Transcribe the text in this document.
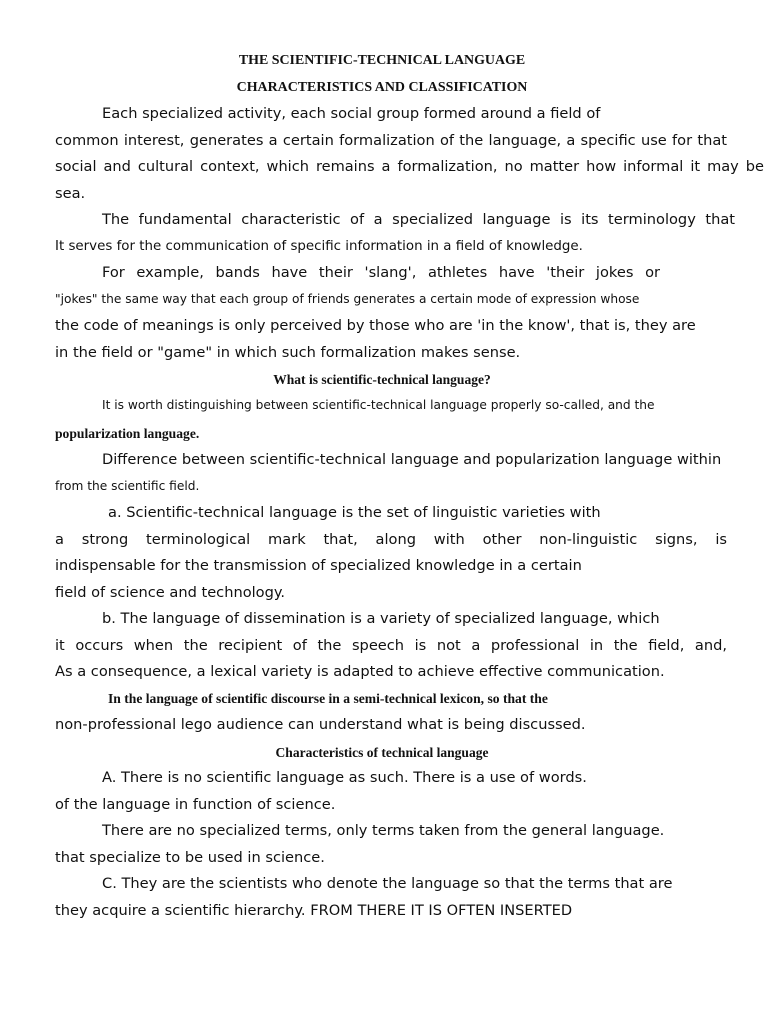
THE SCIENTIFIC-TECHNICAL LANGUAGE

CHARACTERISTICS AND CLASSIFICATION

Each specialized activity, each social group formed around a field of

common interest, generates a certain formalization of the language, a specific use for that

social and cultural context, which remains a formalization, no matter how informal it may be

sea.

The fundamental characteristic of a specialized language is its terminology that

It serves for the communication of specific information in a field of knowledge.

For example, bands have their 'slang', athletes have 'their jokes or

"jokes" the same way that each group of friends generates a certain mode of expression whose

the code of meanings is only perceived by those who are 'in the know', that is, they are

in the field or "game" in which such formalization makes sense.

What is scientific-technical language?

It is worth distinguishing between scientific-technical language properly so-called, and the

popularization language.

Difference between scientific-technical language and popularization language within

from the scientific field.

a. Scientific-technical language is the set of linguistic varieties with

a strong terminological mark that, along with other non-linguistic signs, is

indispensable for the transmission of specialized knowledge in a certain

field of science and technology.

b. The language of dissemination is a variety of specialized language, which

it occurs when the recipient of the speech is not a professional in the field, and,

As a consequence, a lexical variety is adapted to achieve effective communication.

In the language of scientific discourse in a semi-technical lexicon, so that the

non-professional lego audience can understand what is being discussed.

Characteristics of technical language

A. There is no scientific language as such. There is a use of words.

of the language in function of science.

There are no specialized terms, only terms taken from the general language.

that specialize to be used in science.

C. They are the scientists who denote the language so that the terms that are

they acquire a scientific hierarchy. FROM THERE IT IS OFTEN INSERTED
